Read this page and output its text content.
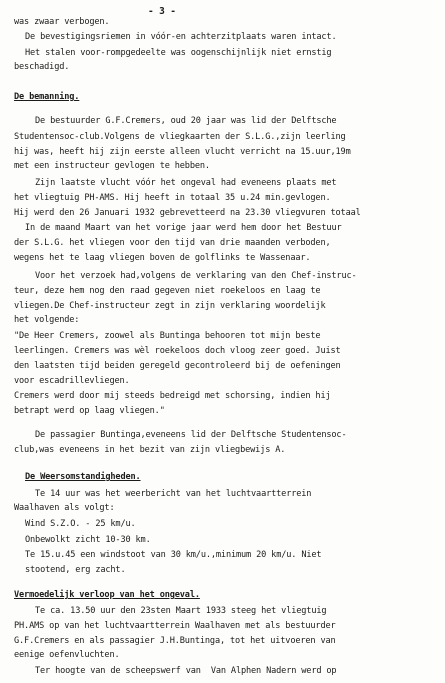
- 3 -
was zwaar verbogen.
De bevestigingsriemen in vóór-en achterzitplaats waren intact.
Het stalen voor-rompgedeelte was oogenschijnlijk niet ernstig
beschadigd.
De bemanning.
De bestuurder G.F.Cremers, oud 20 jaar was lid der Delftsche
Studentensoc-club.Volgens de vliegkaarten der S.L.G.,zijn leerling
hij was, heeft hij zijn eerste alleen vlucht verricht na 15.uur,19m
met een instructeur gevlogen te hebben.
Zijn laatste vlucht vóór het ongeval had eveneens plaats met
het vliegtuig PH-AMS. Hij heeft in totaal 35 u.24 min.gevlogen.
Hij werd den 26 Januari 1932 gebrevetteerd na 23.30 vliegvuren totaal
In de maand Maart van het vorige jaar werd hem door het Bestuur
der S.L.G. het vliegen voor den tijd van drie maanden verboden,
wegens het te laag vliegen boven de golflinks te Wassenaar.
Voor het verzoek had,volgens de verklaring van den Chef-instruc-
teur, deze hem nog den raad gegeven niet roekeloos en laag te
vliegen.De Chef-instructeur zegt in zijn verklaring woordelijk
het volgende:
"De Heer Cremers, zoowel als Buntinga behooren tot mijn beste
leerlingen. Cremers was wèl roekeloos doch vloog zeer goed. Juist
den laatsten tijd beiden geregeld gecontroleerd bij de oefeningen
voor escadrillevliegen.
Cremers werd door mij steeds bedreigd met schorsing, indien hij
betrapt werd op laag vliegen."
De passagier Buntinga,eveneens lid der Delftsche Studentensoc-
club,was eveneens in het bezit van zijn vliegbewijs A.
De Weersomstandigheden.
Te 14 uur was het weerbericht van het luchtvaartterrein
Waalhaven als volgt:
Wind S.Z.O. - 25 km/u.
Onbewolkt zicht 10-30 km.
Te 15.u.45 een windstoot van 30 km/u.,minimum 20 km/u. Niet
stootend, erg zacht.
Vermoedelijk verloop van het ongeval.
Te ca. 13.50 uur den 23sten Maart 1933 steeg het vliegtuig
PH.AMS op van het luchtvaartterrein Waalhaven met als bestuurder
G.F.Cremers en als passagier J.H.Buntinga, tot het uitvoeren van
eenige oefenvluchten.
Ter hoogte van de scheepswerf van  Van Alphen Nadern werd op
